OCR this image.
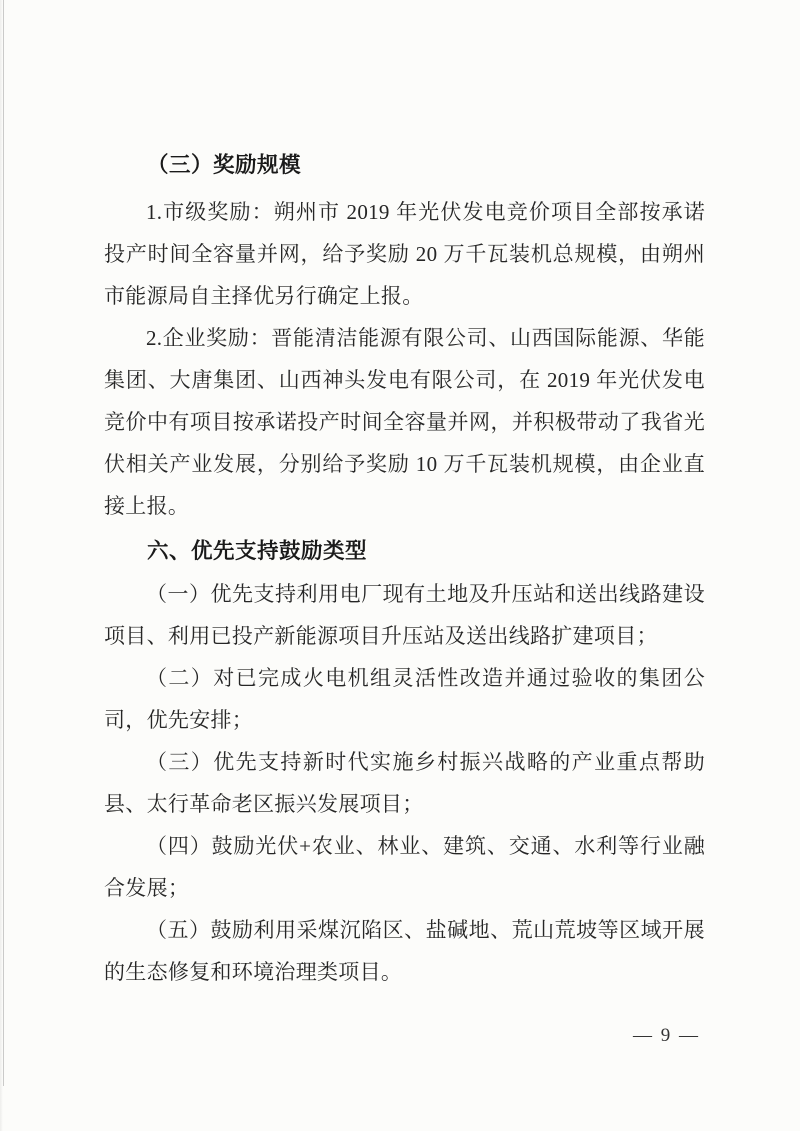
（三）奖励规模

1.市级奖励：朔州市 2019 年光伏发电竞价项目全部按承诺投产时间全容量并网，给予奖励 20 万千瓦装机总规模，由朔州市能源局自主择优另行确定上报。

2.企业奖励：晋能清洁能源有限公司、山西国际能源、华能集团、大唐集团、山西神头发电有限公司，在 2019 年光伏发电竞价中有项目按承诺投产时间全容量并网，并积极带动了我省光伏相关产业发展，分别给予奖励 10 万千瓦装机规模，由企业直接上报。

六、优先支持鼓励类型

（一）优先支持利用电厂现有土地及升压站和送出线路建设项目、利用已投产新能源项目升压站及送出线路扩建项目；

（二）对已完成火电机组灵活性改造并通过验收的集团公司，优先安排；

（三）优先支持新时代实施乡村振兴战略的产业重点帮助县、太行革命老区振兴发展项目；

（四）鼓励光伏+农业、林业、建筑、交通、水利等行业融合发展；

（五）鼓励利用采煤沉陷区、盐碱地、荒山荒坡等区域开展的生态修复和环境治理类项目。

— 9 —
